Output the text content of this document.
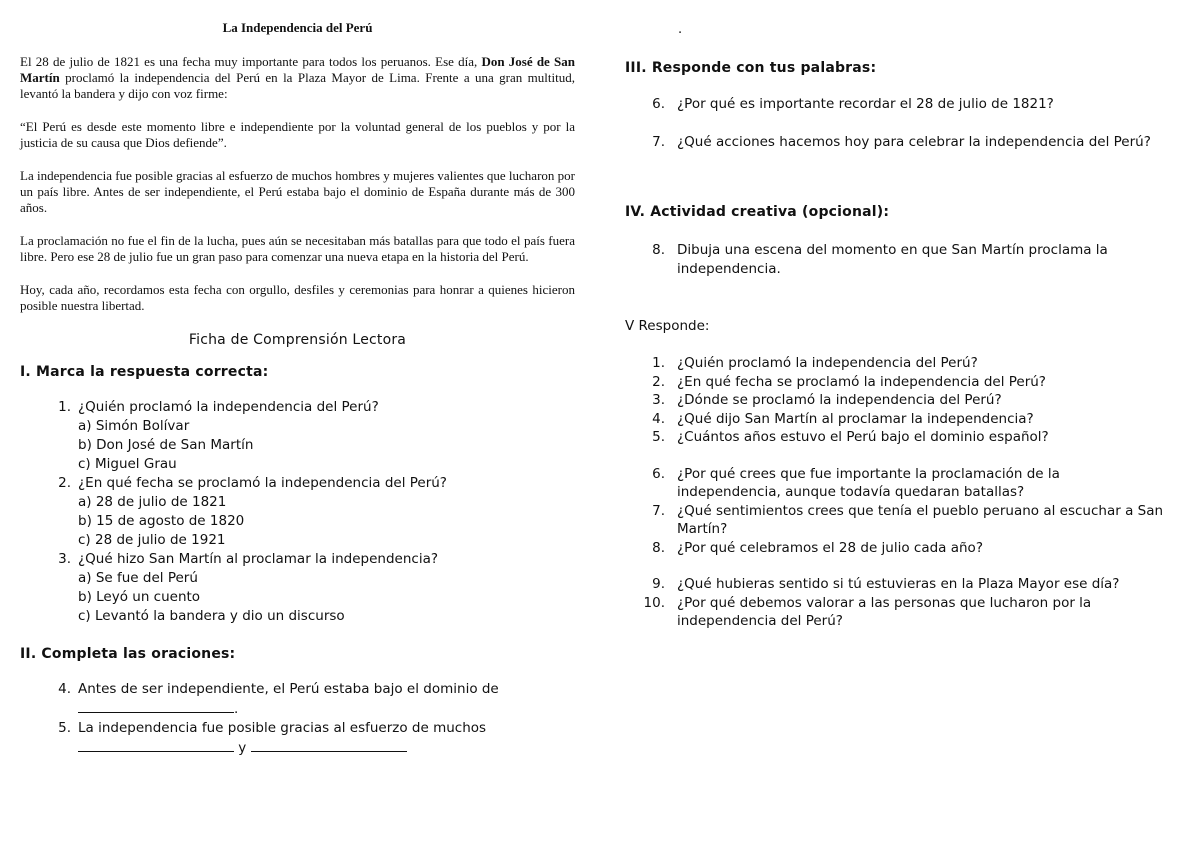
La Independencia del Perú

El 28 de julio de 1821 es una fecha muy importante para todos los peruanos. Ese día, Don José de San Martín proclamó la independencia del Perú en la Plaza Mayor de Lima. Frente a una gran multitud, levantó la bandera y dijo con voz firme:

“El Perú es desde este momento libre e independiente por la voluntad general de los pueblos y por la justicia de su causa que Dios defiende”.

La independencia fue posible gracias al esfuerzo de muchos hombres y mujeres valientes que lucharon por un país libre. Antes de ser independiente, el Perú estaba bajo el dominio de España durante más de 300 años.

La proclamación no fue el fin de la lucha, pues aún se necesitaban más batallas para que todo el país fuera libre. Pero ese 28 de julio fue un gran paso para comenzar una nueva etapa en la historia del Perú.

Hoy, cada año, recordamos esta fecha con orgullo, desfiles y ceremonias para honrar a quienes hicieron posible nuestra libertad.

Ficha de Comprensión Lectora
I. Marca la respuesta correcta:
1. ¿Quién proclamó la independencia del Perú?
a) Simón Bolívar
b) Don José de San Martín
c) Miguel Grau
2. ¿En qué fecha se proclamó la independencia del Perú?
a) 28 de julio de 1821
b) 15 de agosto de 1820
c) 28 de julio de 1921
3. ¿Qué hizo San Martín al proclamar la independencia?
a) Se fue del Perú
b) Leyó un cuento
c) Levantó la bandera y dio un discurso
II. Completa las oraciones:
4. Antes de ser independiente, el Perú estaba bajo el dominio de
.
5. La independencia fue posible gracias al esfuerzo de muchos
y
.
III. Responde con tus palabras:
6. ¿Por qué es importante recordar el 28 de julio de 1821?
7. ¿Qué acciones hacemos hoy para celebrar la independencia del Perú?
IV. Actividad creativa (opcional):
8. Dibuja una escena del momento en que San Martín proclama la independencia.
V Responde:
1. ¿Quién proclamó la independencia del Perú?
2. ¿En qué fecha se proclamó la independencia del Perú?
3. ¿Dónde se proclamó la independencia del Perú?
4. ¿Qué dijo San Martín al proclamar la independencia?
5. ¿Cuántos años estuvo el Perú bajo el dominio español?
6. ¿Por qué crees que fue importante la proclamación de la independencia, aunque todavía quedaran batallas?
7. ¿Qué sentimientos crees que tenía el pueblo peruano al escuchar a San Martín?
8. ¿Por qué celebramos el 28 de julio cada año?
9. ¿Qué hubieras sentido si tú estuvieras en la Plaza Mayor ese día?
10. ¿Por qué debemos valorar a las personas que lucharon por la independencia del Perú?
